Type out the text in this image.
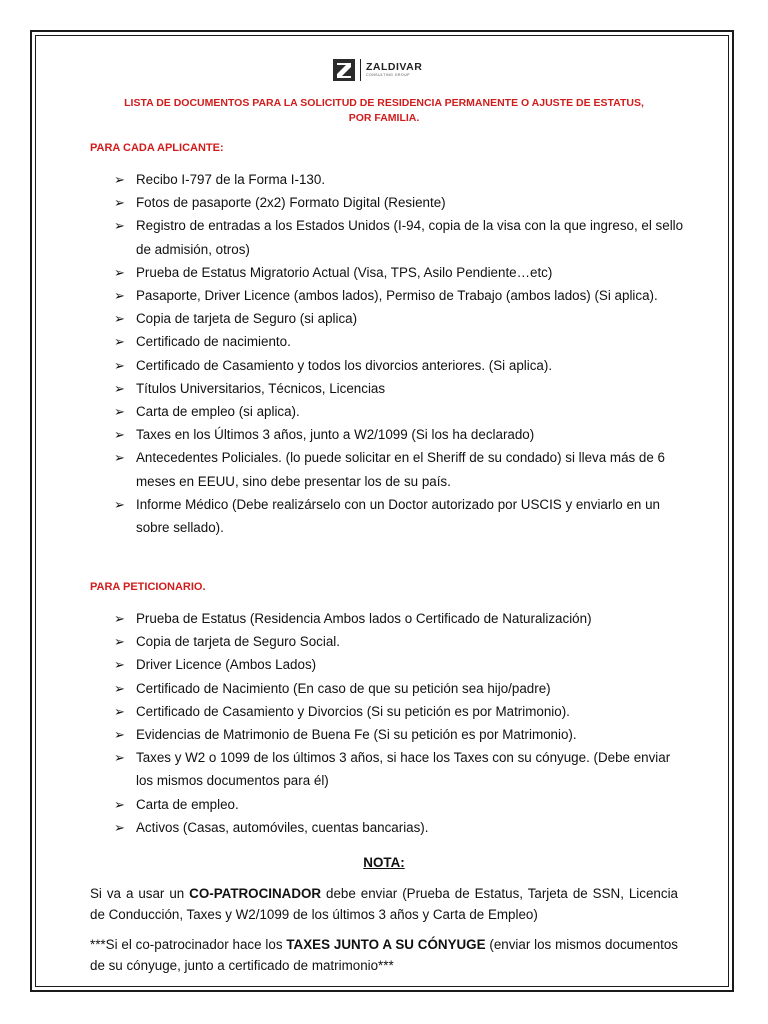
ZALDIVAR
CONSULTING GROUP
LISTA DE DOCUMENTOS PARA LA SOLICITUD DE RESIDENCIA PERMANENTE O AJUSTE DE ESTATUS,
POR FAMILIA.
PARA CADA APLICANTE:
➢ Recibo I-797 de la Forma I-130.
➢ Fotos de pasaporte (2x2) Formato Digital (Resiente)
➢ Registro de entradas a los Estados Unidos (I-94, copia de la visa con la que ingreso, el sello de admisión, otros)
➢ Prueba de Estatus Migratorio Actual (Visa, TPS, Asilo Pendiente…etc)
➢ Pasaporte, Driver Licence (ambos lados), Permiso de Trabajo (ambos lados) (Si aplica).
➢ Copia de tarjeta de Seguro (si aplica)
➢ Certificado de nacimiento.
➢ Certificado de Casamiento y todos los divorcios anteriores. (Si aplica).
➢ Títulos Universitarios, Técnicos, Licencias
➢ Carta de empleo (si aplica).
➢ Taxes en los Últimos 3 años, junto a W2/1099 (Si los ha declarado)
➢ Antecedentes Policiales. (lo puede solicitar en el Sheriff de su condado) si lleva más de 6 meses en EEUU, sino debe presentar los de su país.
➢ Informe Médico (Debe realizárselo con un Doctor autorizado por USCIS y enviarlo en un sobre sellado).
PARA PETICIONARIO.
➢ Prueba de Estatus (Residencia Ambos lados o Certificado de Naturalización)
➢ Copia de tarjeta de Seguro Social.
➢ Driver Licence (Ambos Lados)
➢ Certificado de Nacimiento (En caso de que su petición sea hijo/padre)
➢ Certificado de Casamiento y Divorcios (Si su petición es por Matrimonio).
➢ Evidencias de Matrimonio de Buena Fe (Si su petición es por Matrimonio).
➢ Taxes y W2 o 1099 de los últimos 3 años, si hace los Taxes con su cónyuge. (Debe enviar los mismos documentos para él)
➢ Carta de empleo.
➢ Activos (Casas, automóviles, cuentas bancarias).
NOTA:
Si va a usar un CO-PATROCINADOR debe enviar (Prueba de Estatus, Tarjeta de SSN, Licencia de Conducción, Taxes y W2/1099 de los últimos 3 años y Carta de Empleo)
***Si el co-patrocinador hace los TAXES JUNTO A SU CÓNYUGE (enviar los mismos documentos de su cónyuge, junto a certificado de matrimonio***
